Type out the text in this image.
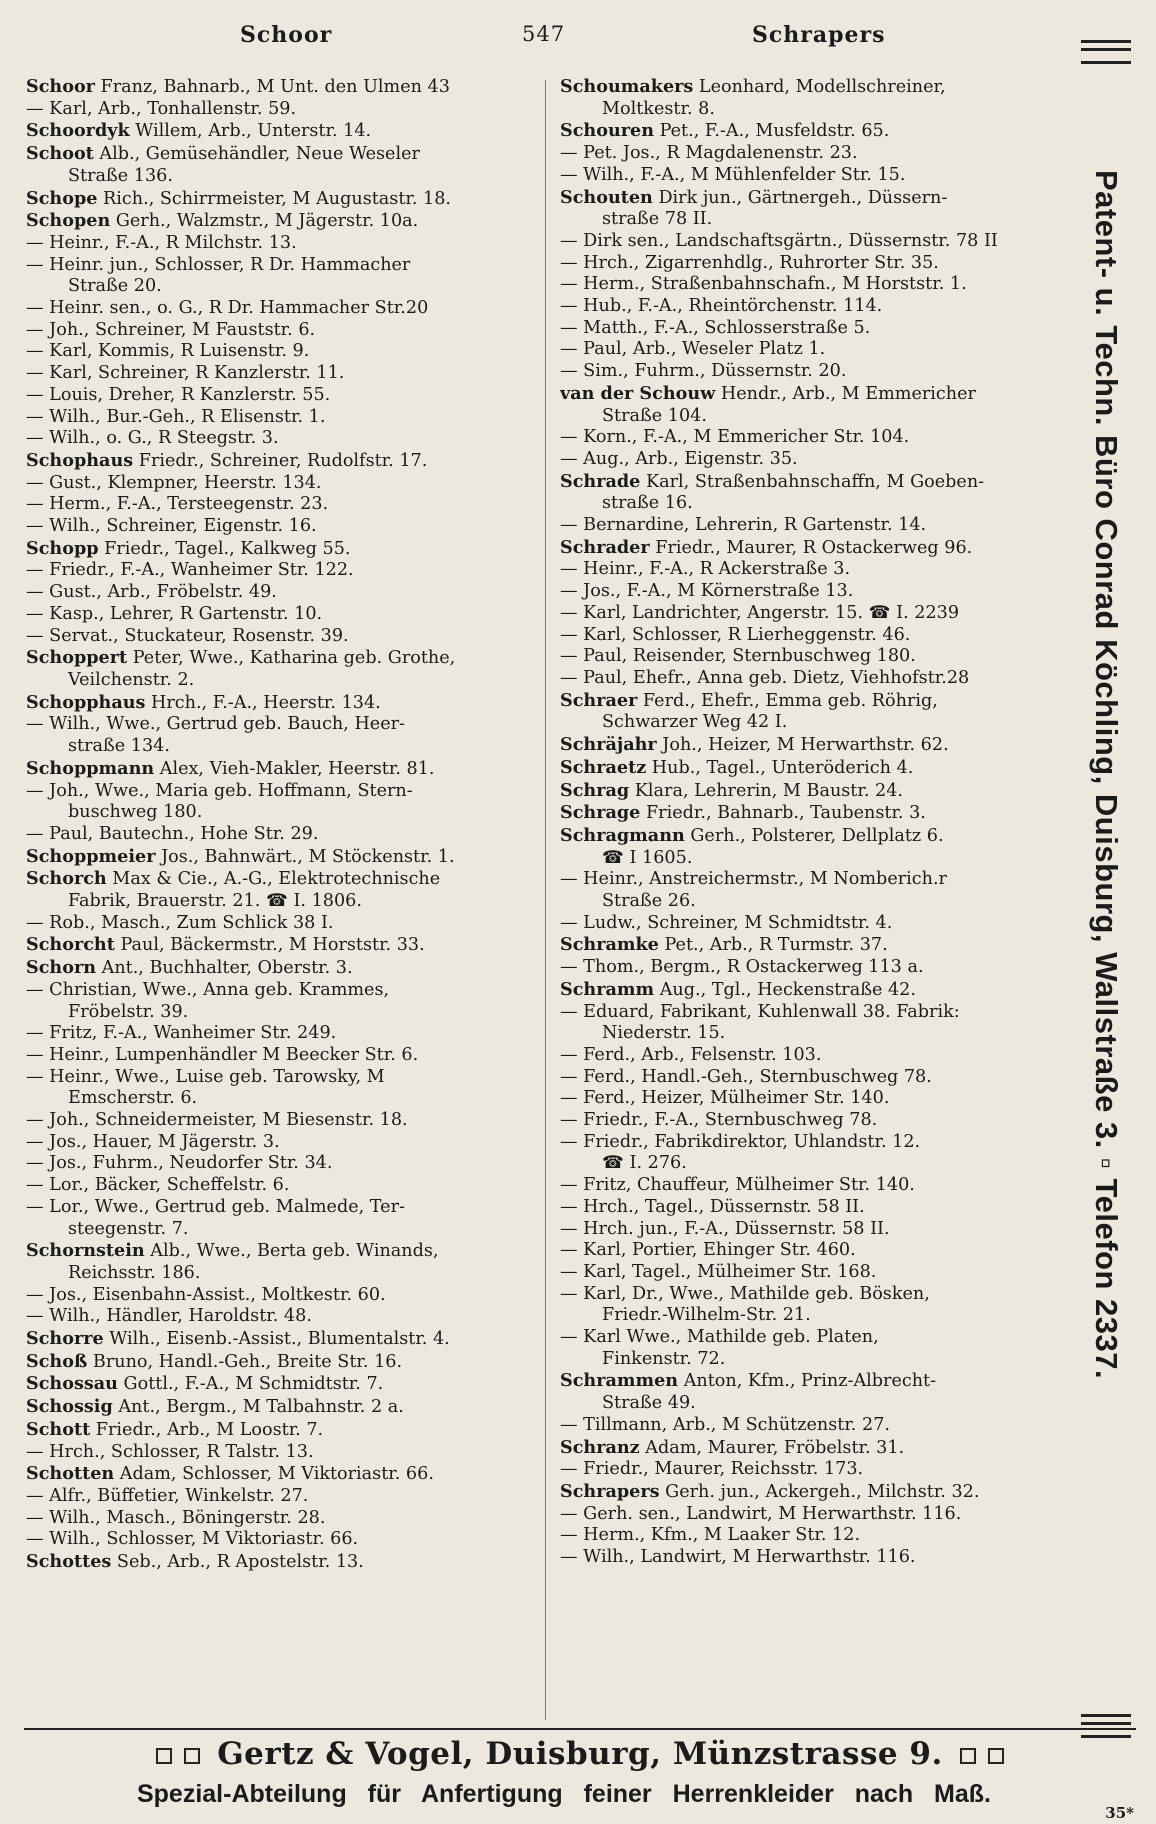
Schoor	547	Schrapers
Schoor Franz, Bahnarb., M Unt. den Ulmen 43
— Karl, Arb., Tonhallenstr. 59.
Schoordyk Willem, Arb., Unterstr. 14.
Schoot Alb., Gemüsehändler, Neue Weseler
Straße 136.
Schope Rich., Schirrmeister, M Augustastr. 18.
Schopen Gerh., Walzmstr., M Jägerstr. 10a.
— Heinr., F.-A., R Milchstr. 13.
— Heinr. jun., Schlosser, R Dr. Hammacher
Straße 20.
— Heinr. sen., o. G., R Dr. Hammacher Str.20
— Joh., Schreiner, M Fauststr. 6.
— Karl, Kommis, R Luisenstr. 9.
— Karl, Schreiner, R Kanzlerstr. 11.
— Louis, Dreher, R Kanzlerstr. 55.
— Wilh., Bur.-Geh., R Elisenstr. 1.
— Wilh., o. G., R Steegstr. 3.
Schophaus Friedr., Schreiner, Rudolfstr. 17.
— Gust., Klempner, Heerstr. 134.
— Herm., F.-A., Tersteegenstr. 23.
— Wilh., Schreiner, Eigenstr. 16.
Schopp Friedr., Tagel., Kalkweg 55.
— Friedr., F.-A., Wanheimer Str. 122.
— Gust., Arb., Fröbelstr. 49.
— Kasp., Lehrer, R Gartenstr. 10.
— Servat., Stuckateur, Rosenstr. 39.
Schoppert Peter, Wwe., Katharina geb. Grothe,
Veilchenstr. 2.
Schopphaus Hrch., F.-A., Heerstr. 134.
— Wilh., Wwe., Gertrud geb. Bauch, Heer-
straße 134.
Schoppmann Alex, Vieh-Makler, Heerstr. 81.
— Joh., Wwe., Maria geb. Hoffmann, Stern-
buschweg 180.
— Paul, Bautechn., Hohe Str. 29.
Schoppmeier Jos., Bahnwärt., M Stöckenstr. 1.
Schorch Max & Cie., A.-G., Elektrotechnische
Fabrik, Brauerstr. 21. ☎ I. 1806.
— Rob., Masch., Zum Schlick 38 I.
Schorcht Paul, Bäckermstr., M Horststr. 33.
Schorn Ant., Buchhalter, Oberstr. 3.
— Christian, Wwe., Anna geb. Krammes,
Fröbelstr. 39.
— Fritz, F.-A., Wanheimer Str. 249.
— Heinr., Lumpenhändler M Beecker Str. 6.
— Heinr., Wwe., Luise geb. Tarowsky, M
Emscherstr. 6.
— Joh., Schneidermeister, M Biesenstr. 18.
— Jos., Hauer, M Jägerstr. 3.
— Jos., Fuhrm., Neudorfer Str. 34.
— Lor., Bäcker, Scheffelstr. 6.
— Lor., Wwe., Gertrud geb. Malmede, Ter-
steegenstr. 7.
Schornstein Alb., Wwe., Berta geb. Winands,
Reichsstr. 186.
— Jos., Eisenbahn-Assist., Moltkestr. 60.
— Wilh., Händler, Haroldstr. 48.
Schorre Wilh., Eisenb.-Assist., Blumentalstr. 4.
Schoß Bruno, Handl.-Geh., Breite Str. 16.
Schossau Gottl., F.-A., M Schmidtstr. 7.
Schossig Ant., Bergm., M Talbahnstr. 2 a.
Schott Friedr., Arb., M Loostr. 7.
— Hrch., Schlosser, R Talstr. 13.
Schotten Adam, Schlosser, M Viktoriastr. 66.
— Alfr., Büffetier, Winkelstr. 27.
— Wilh., Masch., Böningerstr. 28.
— Wilh., Schlosser, M Viktoriastr. 66.
Schottes Seb., Arb., R Apostelstr. 13.
Schoumakers Leonhard, Modellschreiner,
Moltkestr. 8.
Schouren Pet., F.-A., Musfeldstr. 65.
— Pet. Jos., R Magdalenenstr. 23.
— Wilh., F.-A., M Mühlenfelder Str. 15.
Schouten Dirk jun., Gärtnergeh., Düssern-
straße 78 II.
— Dirk sen., Landschaftsgärtn., Düssernstr. 78 II
— Hrch., Zigarrenhdlg., Ruhrorter Str. 35.
— Herm., Straßenbahnschafn., M Horststr. 1.
— Hub., F.-A., Rheintörchenstr. 114.
— Matth., F.-A., Schlosserstraße 5.
— Paul, Arb., Weseler Platz 1.
— Sim., Fuhrm., Düssernstr. 20.
van der Schouw Hendr., Arb., M Emmericher
Straße 104.
— Korn., F.-A., M Emmericher Str. 104.
— Aug., Arb., Eigenstr. 35.
Schrade Karl, Straßenbahnschaffn, M Goeben-
straße 16.
— Bernardine, Lehrerin, R Gartenstr. 14.
Schrader Friedr., Maurer, R Ostackerweg 96.
— Heinr., F.-A., R Ackerstraße 3.
— Jos., F.-A., M Körnerstraße 13.
— Karl, Landrichter, Angerstr. 15. ☎ I. 2239
— Karl, Schlosser, R Lierheggenstr. 46.
— Paul, Reisender, Sternbuschweg 180.
— Paul, Ehefr., Anna geb. Dietz, Viehhofstr.28
Schraer Ferd., Ehefr., Emma geb. Röhrig,
Schwarzer Weg 42 I.
Schräjahr Joh., Heizer, M Herwarthstr. 62.
Schraetz Hub., Tagel., Unteröderich 4.
Schrag Klara, Lehrerin, M Baustr. 24.
Schrage Friedr., Bahnarb., Taubenstr. 3.
Schragmann Gerh., Polsterer, Dellplatz 6.
☎ I 1605.
— Heinr., Anstreichermstr., M Nomberich.r
Straße 26.
— Ludw., Schreiner, M Schmidtstr. 4.
Schramke Pet., Arb., R Turmstr. 37.
— Thom., Bergm., R Ostackerweg 113 a.
Schramm Aug., Tgl., Heckenstraße 42.
— Eduard, Fabrikant, Kuhlenwall 38. Fabrik:
Niederstr. 15.
— Ferd., Arb., Felsenstr. 103.
— Ferd., Handl.-Geh., Sternbuschweg 78.
— Ferd., Heizer, Mülheimer Str. 140.
— Friedr., F.-A., Sternbuschweg 78.
— Friedr., Fabrikdirektor, Uhlandstr. 12.
☎ I. 276.
— Fritz, Chauffeur, Mülheimer Str. 140.
— Hrch., Tagel., Düssernstr. 58 II.
— Hrch. jun., F.-A., Düssernstr. 58 II.
— Karl, Portier, Ehinger Str. 460.
— Karl, Tagel., Mülheimer Str. 168.
— Karl, Dr., Wwe., Mathilde geb. Bösken,
Friedr.-Wilhelm-Str. 21.
— Karl Wwe., Mathilde geb. Platen,
Finkenstr. 72.
Schrammen Anton, Kfm., Prinz-Albrecht-
Straße 49.
— Tillmann, Arb., M Schützenstr. 27.
Schranz Adam, Maurer, Fröbelstr. 31.
— Friedr., Maurer, Reichsstr. 173.
Schrapers Gerh. jun., Ackergeh., Milchstr. 32.
— Gerh. sen., Landwirt, M Herwarthstr. 116.
— Herm., Kfm., M Laaker Str. 12.
— Wilh., Landwirt, M Herwarthstr. 116.
Patent- u. Techn. Büro Conrad Köchling, Duisburg, Wallstraße 3. ▫ Telefon 2337.
Gertz & Vogel, Duisburg, Münzstrasse 9.
Spezial-Abteilung für Anfertigung feiner Herrenkleider nach Maß.
35*
